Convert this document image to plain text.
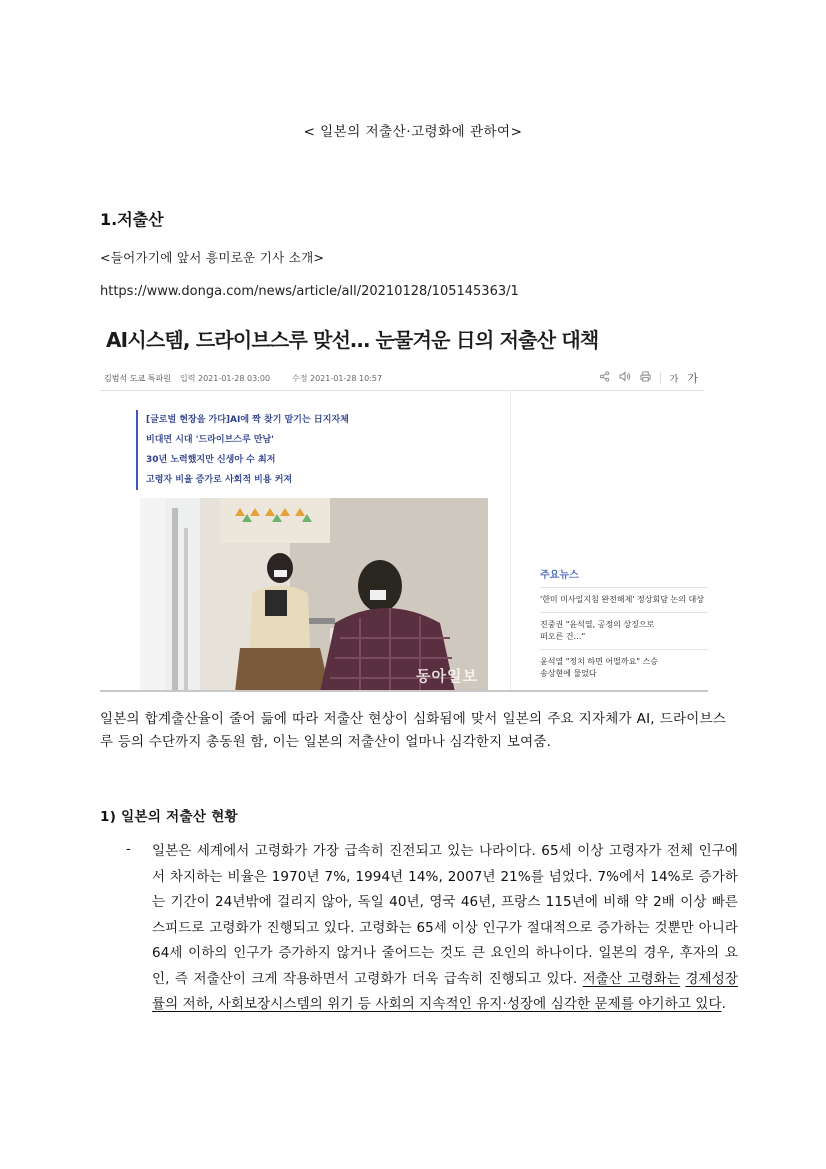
< 일본의 저출산·고령화에 관하여>
1.저출산
<들어가기에 앞서 흥미로운 기사 소개>
https://www.donga.com/news/article/all/20210128/105145363/1
AI시스템, 드라이브스루 맞선… 눈물겨운 日의 저출산 대책
김범석 도쿄 특파원 입력 2021-01-28 03:00	수정 2021-01-28 10:57	가 가
[글로벌 현장을 가다]AI에 짝 찾기 맡기는 日지자체
비대면 시대 '드라이브스루 만남'
30년 노력했지만 신생아 수 최저
고령자 비율 증가로 사회적 비용 커져
동아일보
주요뉴스
'한미 미사일지침 완전해제' 정상회담 논의 대상
진중권 "윤석열, 공정의 상징으로 떠오른 건…"
윤석열 "정치 하면 어떨까요" 스승 송상현에 물었다
일본의 합계출산율이 줄어 듦에 따라 저출산 현상이 심화됨에 맞서 일본의 주요 지자체가 AI, 드라이브스루 등의 수단까지 총동원 함, 이는 일본의 저출산이 얼마나 심각한지 보여줌.
1) 일본의 저출산 현황
- 일본은 세계에서 고령화가 가장 급속히 진전되고 있는 나라이다. 65세 이상 고령자가 전체 인구에서 차지하는 비율은 1970년 7%, 1994년 14%, 2007년 21%를 넘었다. 7%에서 14%로 증가하는 기간이 24년밖에 걸리지 않아, 독일 40년, 영국 46년, 프랑스 115년에 비해 약 2배 이상 빠른 스피드로 고령화가 진행되고 있다. 고령화는 65세 이상 인구가 절대적으로 증가하는 것뿐만 아니라 64세 이하의 인구가 증가하지 않거나 줄어드는 것도 큰 요인의 하나이다. 일본의 경우, 후자의 요인, 즉 저출산이 크게 작용하면서 고령화가 더욱 급속히 진행되고 있다. 저출산 고령화는 경제성장률의 저하, 사회보장시스템의 위기 등 사회의 지속적인 유지·성장에 심각한 문제를 야기하고 있다.
